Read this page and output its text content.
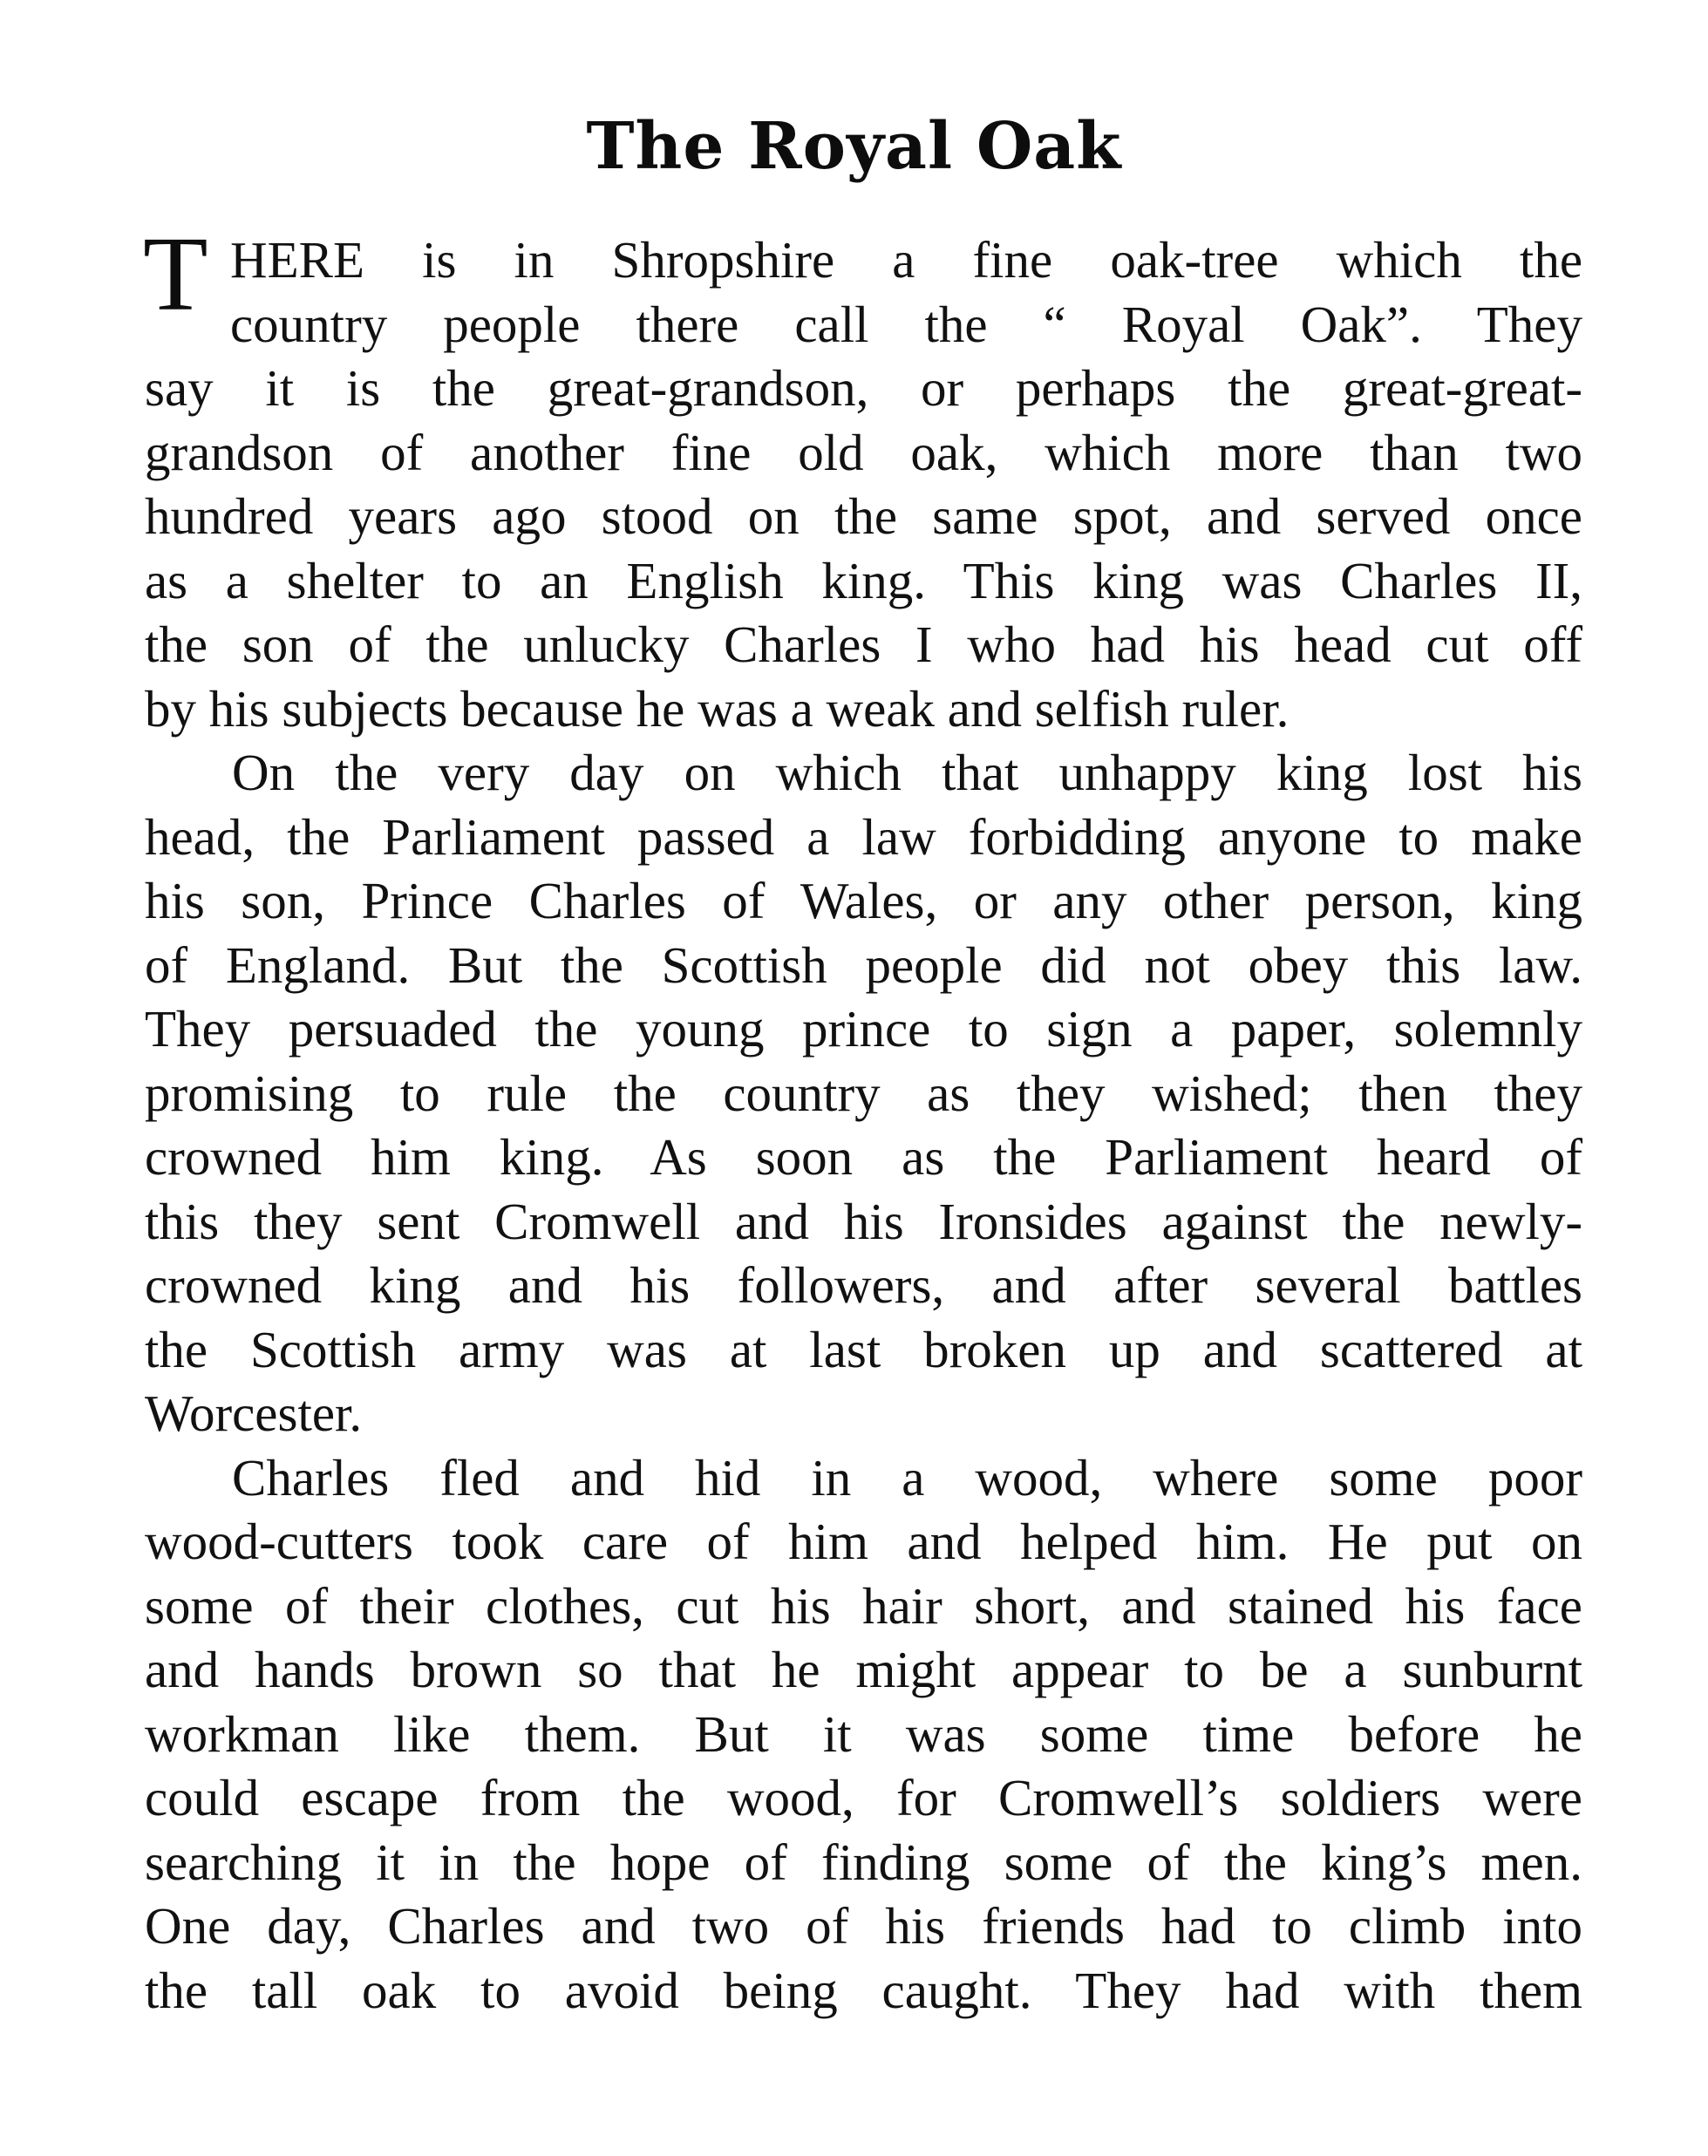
The Royal Oak
T HERE is in Shropshire a fine oak-tree which the
country people there call the “ Royal Oak”. They
say it is the great-grandson, or perhaps the great-great-
grandson of another fine old oak, which more than two
hundred years ago stood on the same spot, and served once
as a shelter to an English king. This king was Charles II,
the son of the unlucky Charles I who had his head cut off
by his subjects because he was a weak and selfish ruler.
On the very day on which that unhappy king lost his
head, the Parliament passed a law forbidding anyone to make
his son, Prince Charles of Wales, or any other person, king
of England. But the Scottish people did not obey this law.
They persuaded the young prince to sign a paper, solemnly
promising to rule the country as they wished; then they
crowned him king. As soon as the Parliament heard of
this they sent Cromwell and his Ironsides against the newly-
crowned king and his followers, and after several battles
the Scottish army was at last broken up and scattered at
Worcester.
Charles fled and hid in a wood, where some poor
wood-cutters took care of him and helped him. He put on
some of their clothes, cut his hair short, and stained his face
and hands brown so that he might appear to be a sunburnt
workman like them. But it was some time before he
could escape from the wood, for Cromwell’s soldiers were
searching it in the hope of finding some of the king’s men.
One day, Charles and two of his friends had to climb into
the tall oak to avoid being caught. They had with them
